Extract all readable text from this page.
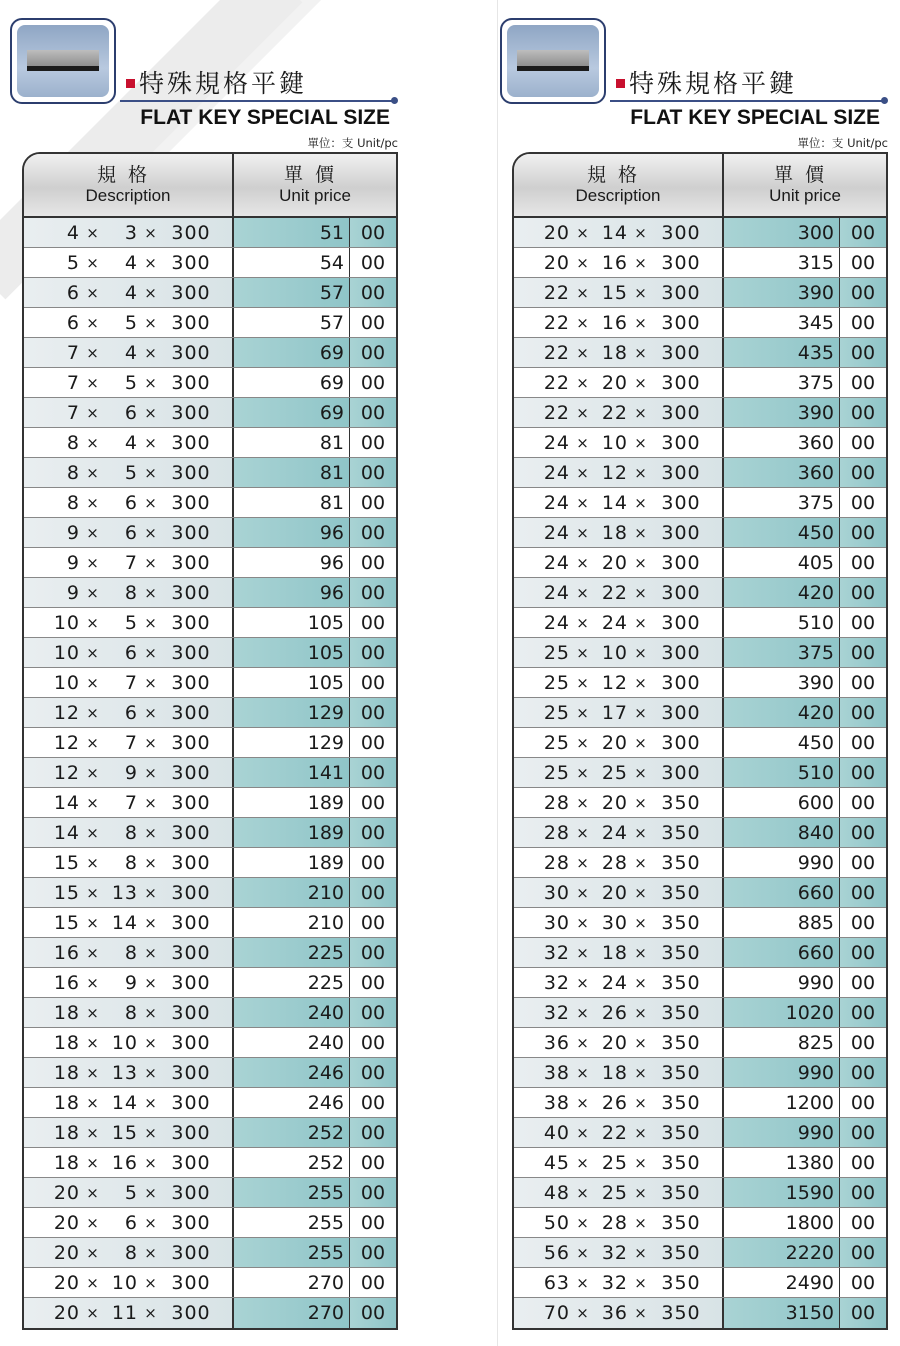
特殊規格平鍵
FLAT KEY SPECIAL SIZE
單位：支 Unit/pc
規格
Description
單價
Unit price
4 ×	3 × 300	51 00
5 ×	4 × 300	54 00
6 ×	4 × 300	57 00
6 ×	5 × 300	57 00
7 ×	4 × 300	69 00
7 ×	5 × 300	69 00
7 ×	6 × 300	69 00
8 ×	4 × 300	81 00
8 ×	5 × 300	81 00
8 ×	6 × 300	81 00
9 ×	6 × 300	96 00
9 ×	7 × 300	96 00
9 ×	8 × 300	96 00
10 ×	5 × 300	105 00
10 ×	6 × 300	105 00
10 ×	7 × 300	105 00
12 ×	6 × 300	129 00
12 ×	7 × 300	129 00
12 ×	9 × 300	141 00
14 ×	7 × 300	189 00
14 ×	8 × 300	189 00
15 ×	8 × 300	189 00
15 × 13 × 300	210 00
15 × 14 × 300	210 00
16 ×	8 × 300	225 00
16 ×	9 × 300	225 00
18 ×	8 × 300	240 00
18 × 10 × 300	240 00
18 × 13 × 300	246 00
18 × 14 × 300	246 00
18 × 15 × 300	252 00
18 × 16 × 300	252 00
20 ×	5 × 300	255 00
20 ×	6 × 300	255 00
20 ×	8 × 300	255 00
20 × 10 × 300	270 00
20 × 11 × 300	270 00
特殊規格平鍵
FLAT KEY SPECIAL SIZE
單位：支 Unit/pc
規格
Description
單價
Unit price
20 × 14 × 300	300 00
20 × 16 × 300	315 00
22 × 15 × 300	390 00
22 × 16 × 300	345 00
22 × 18 × 300	435 00
22 × 20 × 300	375 00
22 × 22 × 300	390 00
24 × 10 × 300	360 00
24 × 12 × 300	360 00
24 × 14 × 300	375 00
24 × 18 × 300	450 00
24 × 20 × 300	405 00
24 × 22 × 300	420 00
24 × 24 × 300	510 00
25 × 10 × 300	375 00
25 × 12 × 300	390 00
25 × 17 × 300	420 00
25 × 20 × 300	450 00
25 × 25 × 300	510 00
28 × 20 × 350	600 00
28 × 24 × 350	840 00
28 × 28 × 350	990 00
30 × 20 × 350	660 00
30 × 30 × 350	885 00
32 × 18 × 350	660 00
32 × 24 × 350	990 00
32 × 26 × 350	1020 00
36 × 20 × 350	825 00
38 × 18 × 350	990 00
38 × 26 × 350	1200 00
40 × 22 × 350	990 00
45 × 25 × 350	1380 00
48 × 25 × 350	1590 00
50 × 28 × 350	1800 00
56 × 32 × 350	2220 00
63 × 32 × 350	2490 00
70 × 36 × 350	3150 00
